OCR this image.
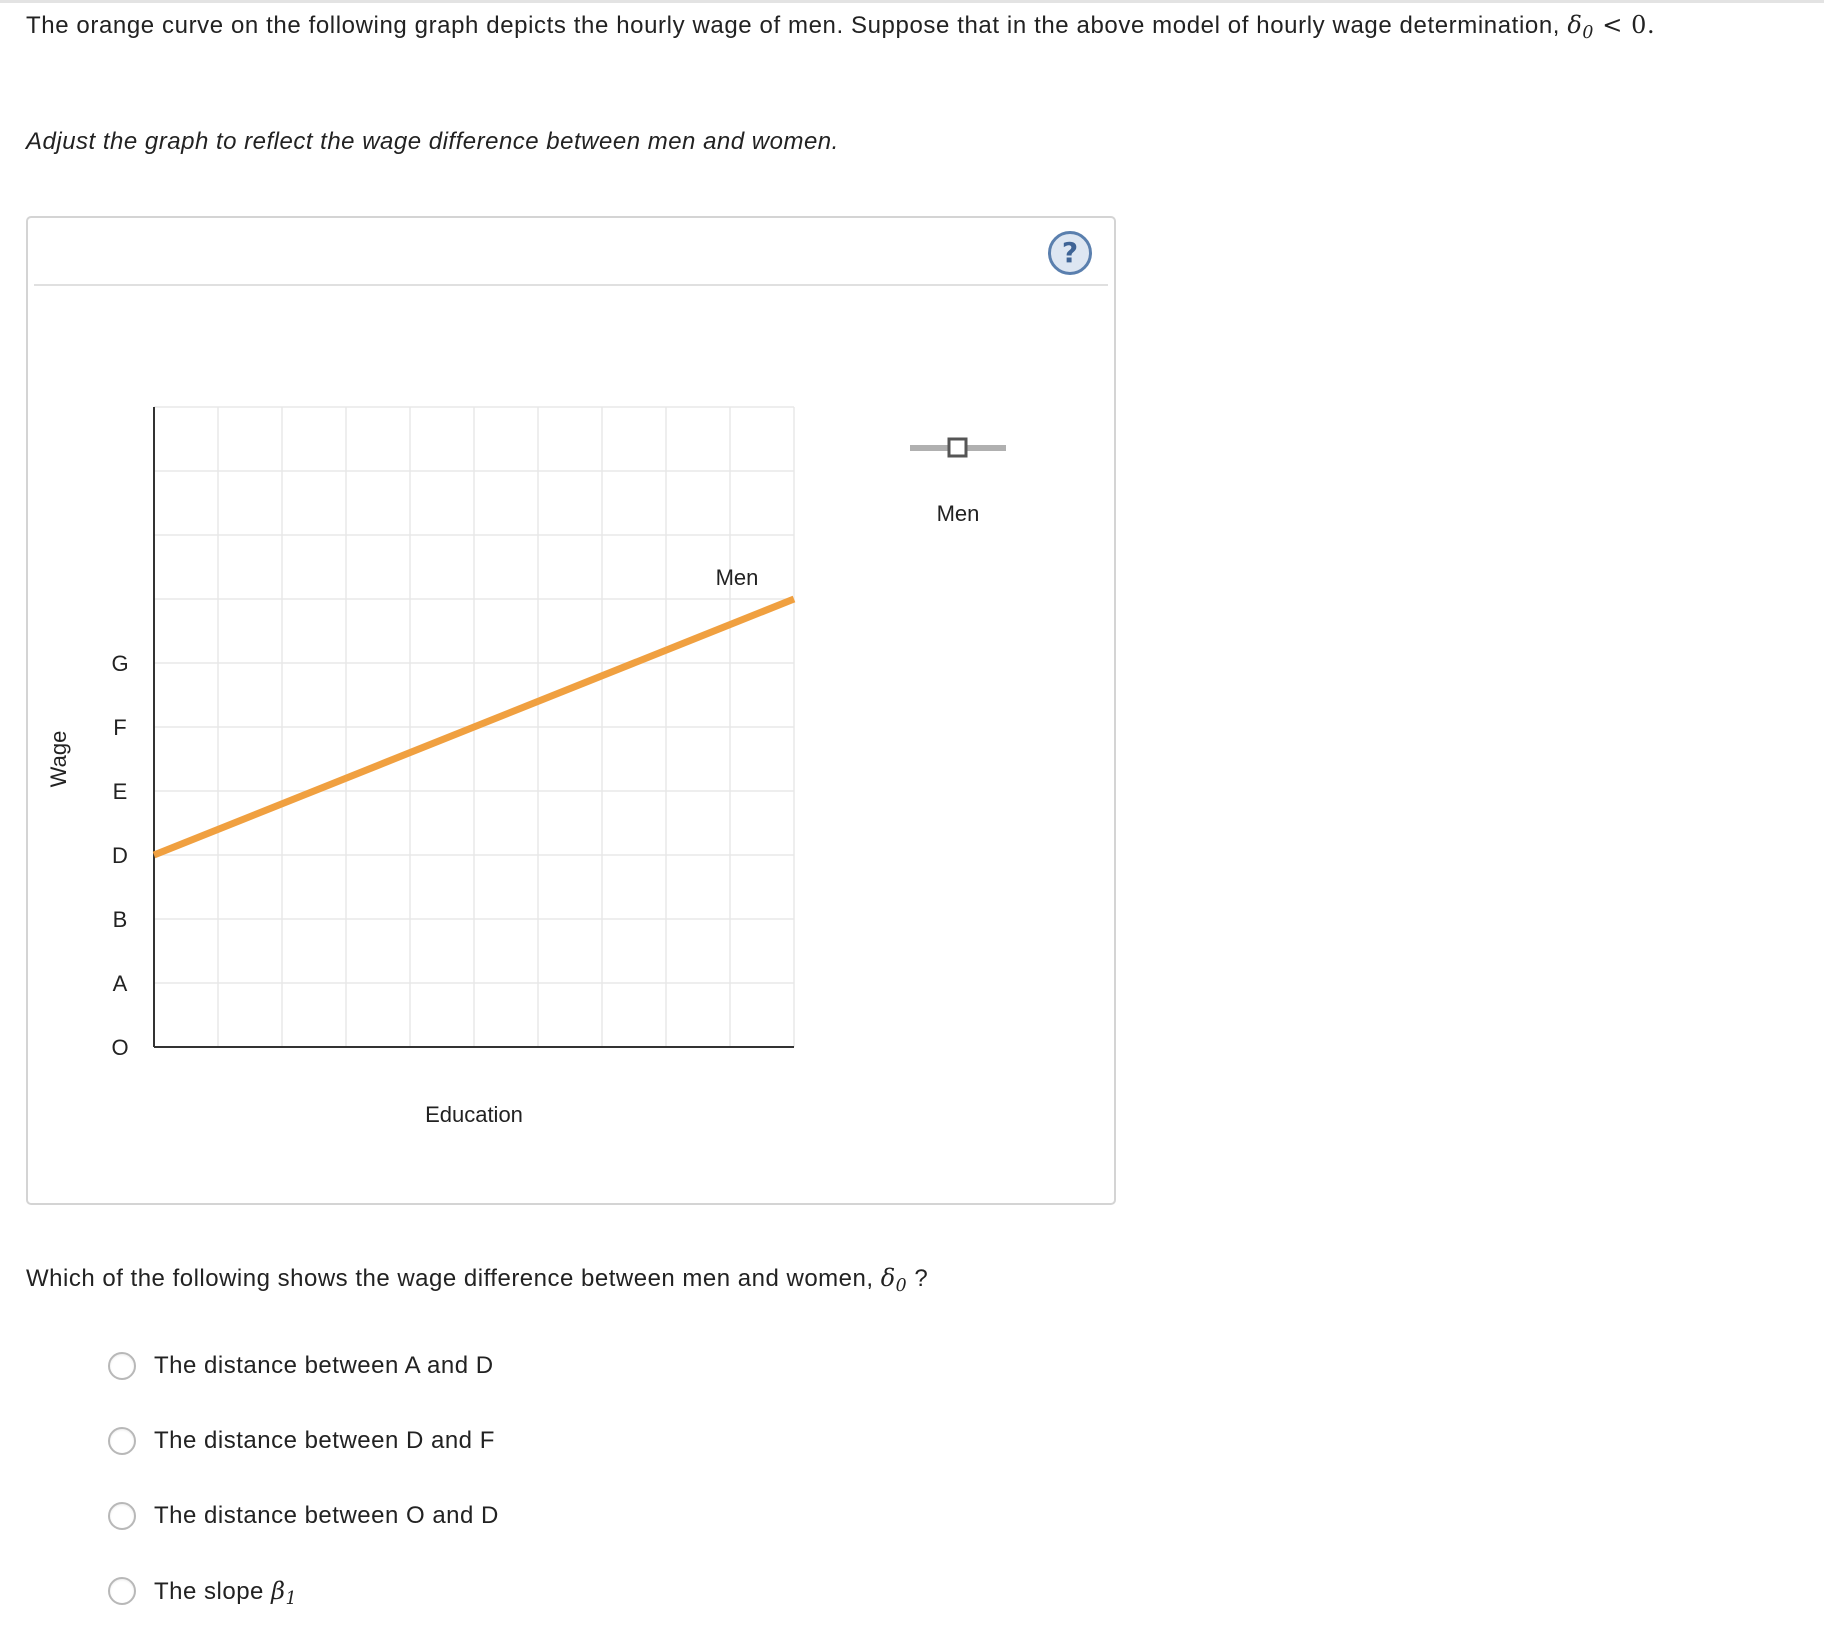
The orange curve on the following graph depicts the hourly wage of men. Suppose that in the above model of hourly wage determination, $\delta_0 < 0$.
Adjust the graph to reflect the wage difference between men and women.
?
O
A
B
D
E
F
G
Wage
Education
Men
Men
Which of the following shows the wage difference between men and women, $\delta_0$ ?
The distance between A and D
The distance between D and F
The distance between O and D
The slope $\beta_1$
